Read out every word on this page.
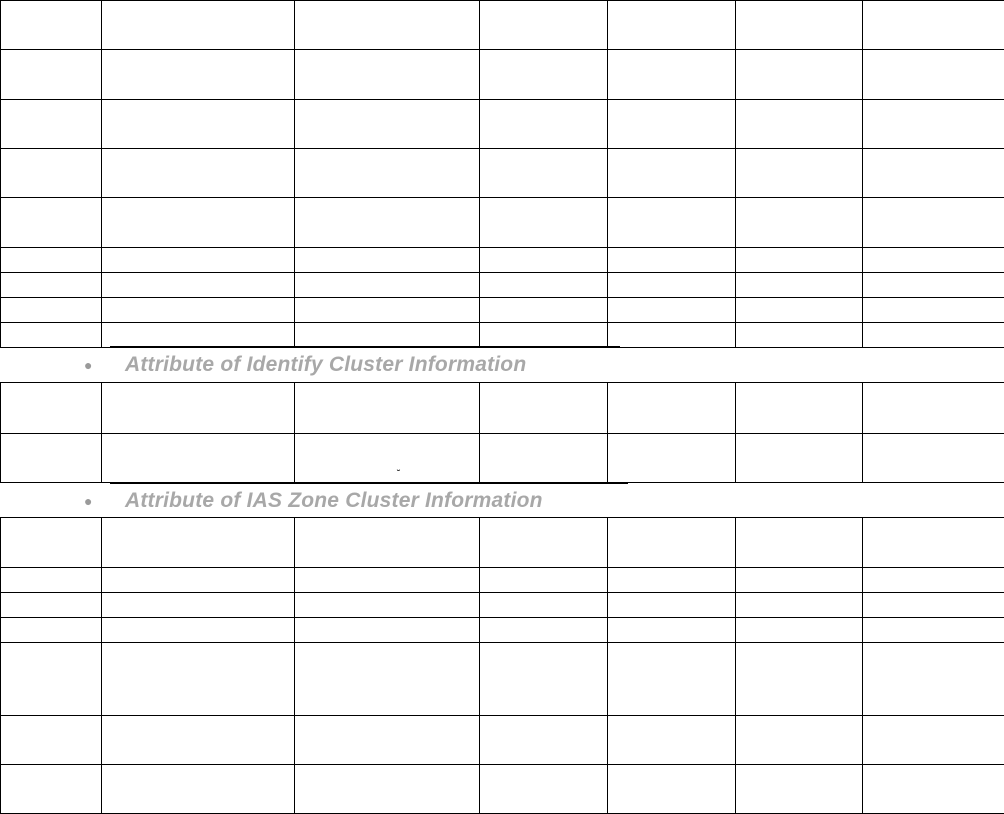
● Attribute of Identify Cluster Information

˘
● Attribute of IAS Zone Cluster Information
